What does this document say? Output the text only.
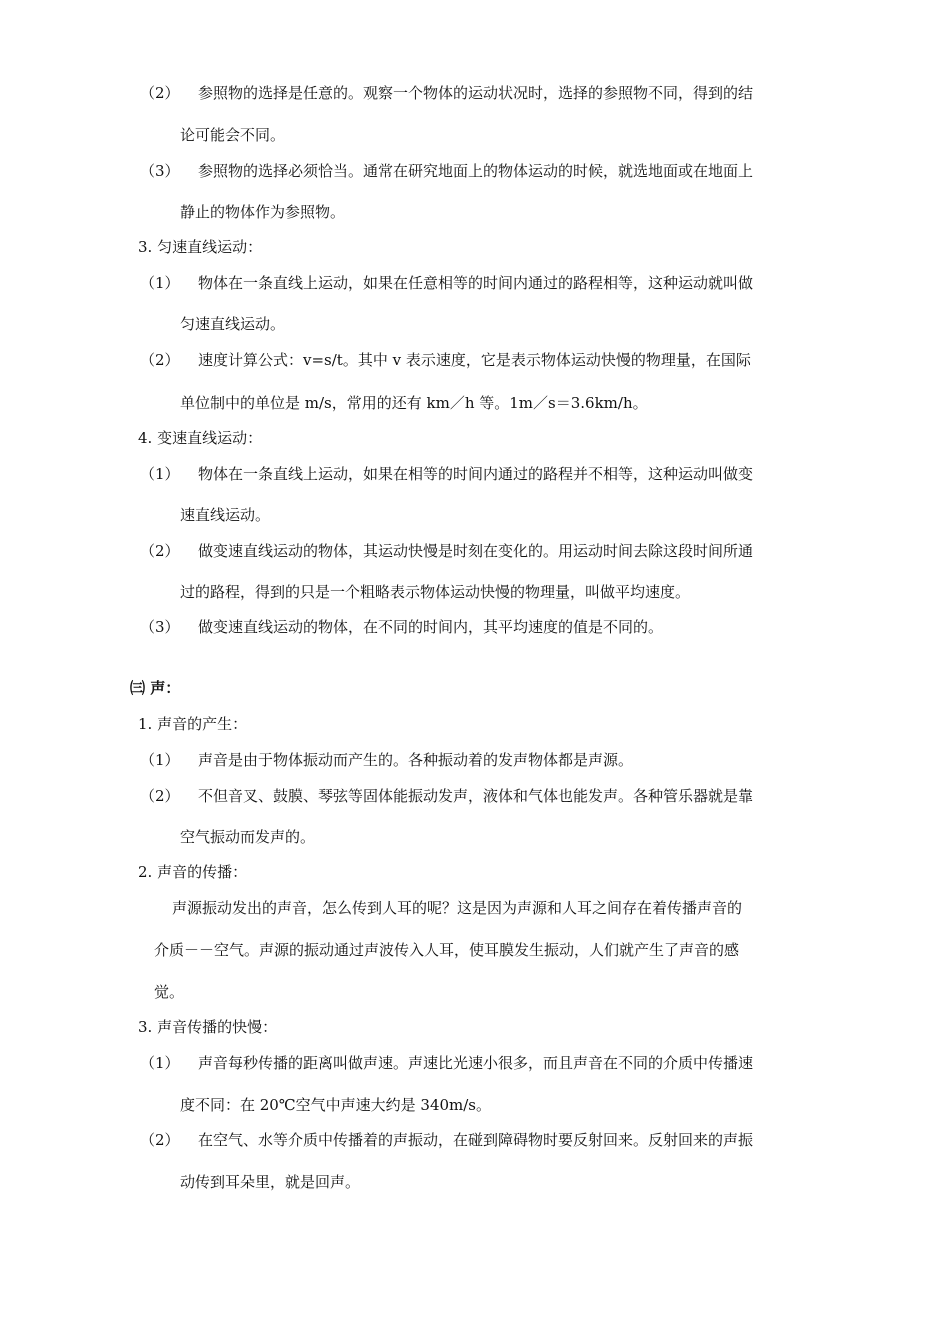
（2） 参照物的选择是任意的。观察一个物体的运动状况时，选择的参照物不同，得到的结
论可能会不同。
（3） 参照物的选择必须恰当。通常在研究地面上的物体运动的时候，就选地面或在地面上
静止的物体作为参照物。
3. 匀速直线运动：
（1） 物体在一条直线上运动，如果在任意相等的时间内通过的路程相等，这种运动就叫做
匀速直线运动。
（2） 速度计算公式：v=s/t。其中 v 表示速度，它是表示物体运动快慢的物理量，在国际
单位制中的单位是 m/s，常用的还有 km／h 等。1m／s＝3.6km/h。
4. 变速直线运动：
（1） 物体在一条直线上运动，如果在相等的时间内通过的路程并不相等，这种运动叫做变
速直线运动。
（2） 做变速直线运动的物体，其运动快慢是时刻在变化的。用运动时间去除这段时间所通
过的路程，得到的只是一个粗略表示物体运动快慢的物理量，叫做平均速度。
（3） 做变速直线运动的物体，在不同的时间内，其平均速度的值是不同的。
㈢ 声：
1. 声音的产生：
（1） 声音是由于物体振动而产生的。各种振动着的发声物体都是声源。
（2） 不但音叉、鼓膜、琴弦等固体能振动发声，液体和气体也能发声。各种管乐器就是靠
空气振动而发声的。
2. 声音的传播：
声源振动发出的声音，怎么传到人耳的呢？这是因为声源和人耳之间存在着传播声音的
介质－－空气。声源的振动通过声波传入人耳，使耳膜发生振动，人们就产生了声音的感
觉。
3. 声音传播的快慢：
（1） 声音每秒传播的距离叫做声速。声速比光速小很多，而且声音在不同的介质中传播速
度不同：在 20℃空气中声速大约是 340m/s。
（2） 在空气、水等介质中传播着的声振动，在碰到障碍物时要反射回来。反射回来的声振
动传到耳朵里，就是回声。
